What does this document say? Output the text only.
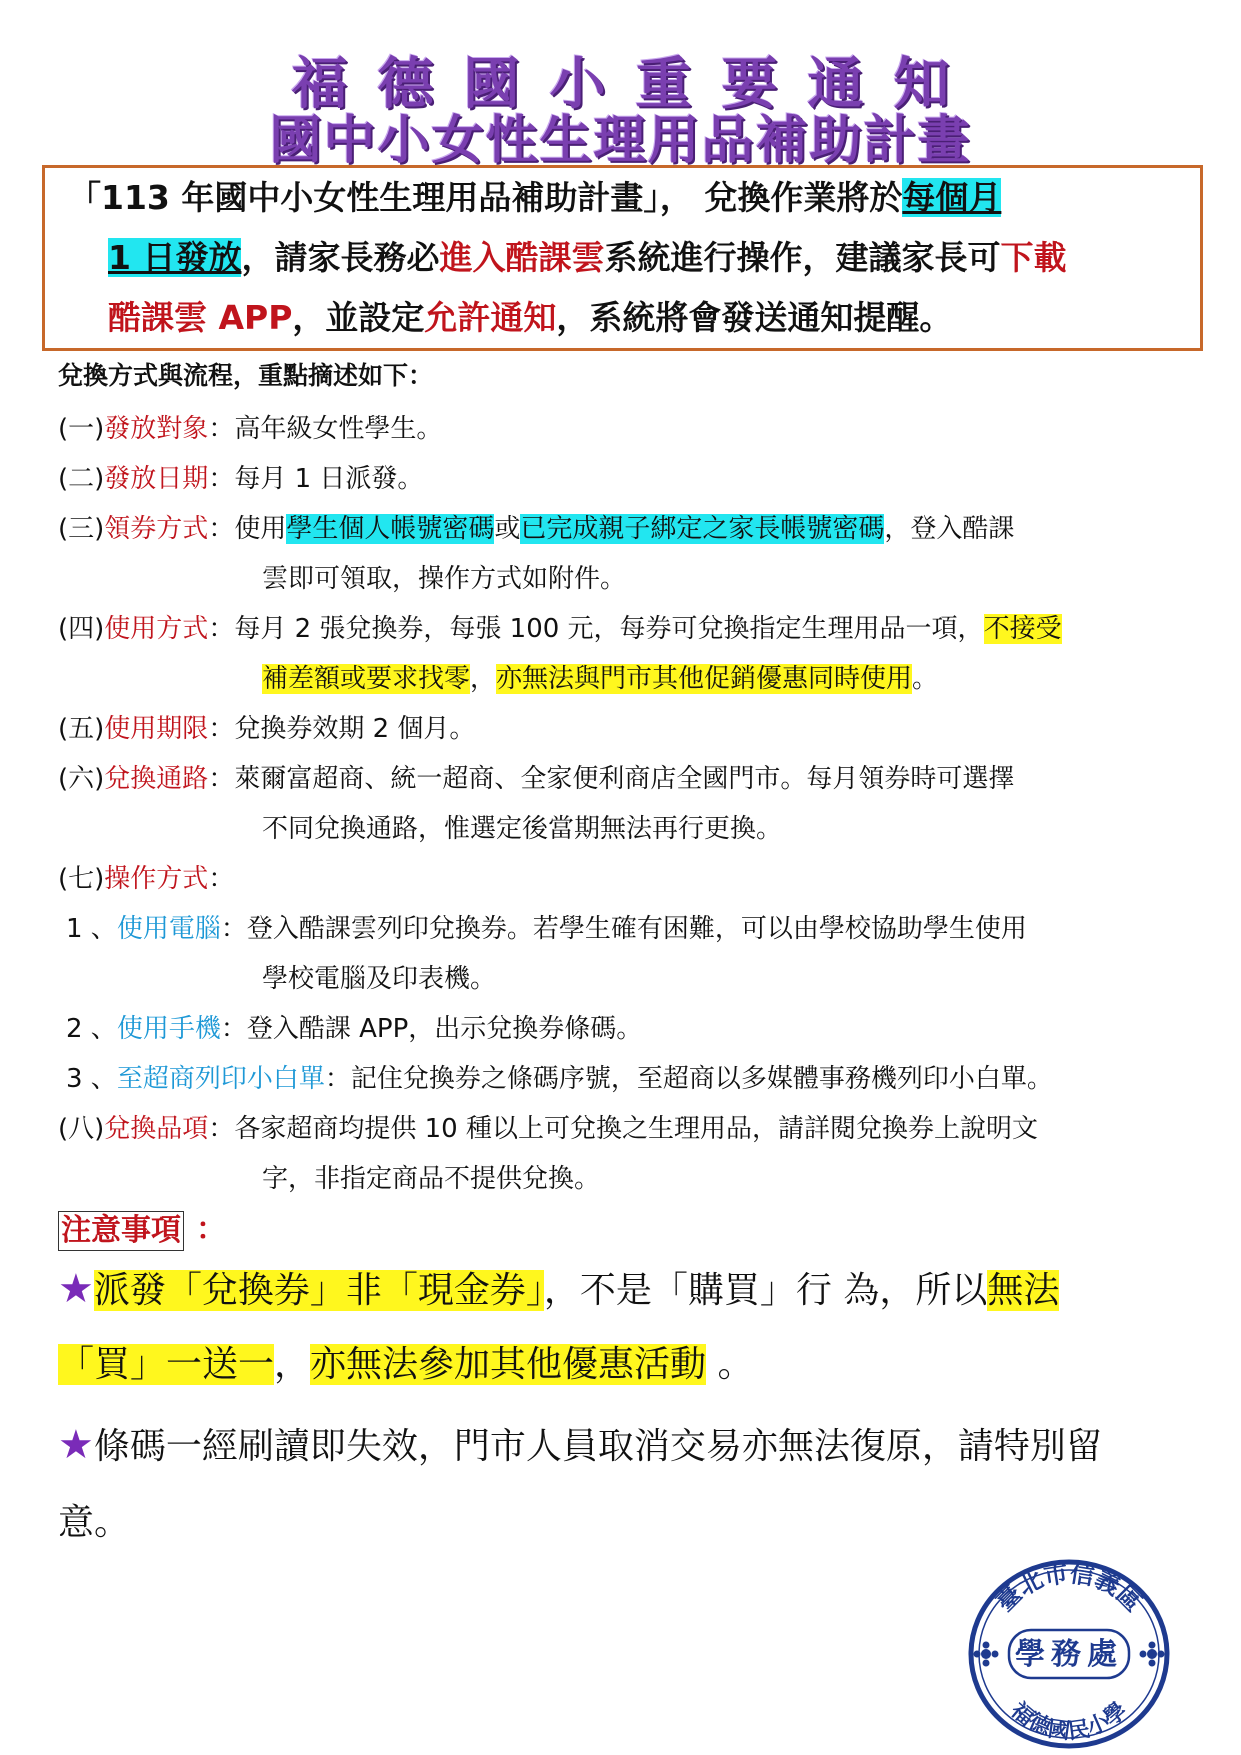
福德國小重要通知
國中小女性生理用品補助計畫
「113 年國中小女性生理用品補助計畫」， 兌換作業將於每個月
1 日發放，請家長務必進入酷課雲系統進行操作，建議家長可下載
酷課雲 APP，並設定允許通知，系統將會發送通知提醒。
兌換方式與流程，重點摘述如下：
(一)發放對象：高年級女性學生。
(二)發放日期：每月 1 日派發。
(三)領券方式：使用學生個人帳號密碼或已完成親子綁定之家長帳號密碼，登入酷課
雲即可領取，操作方式如附件。
(四)使用方式：每月 2 張兌換券，每張 100 元，每券可兌換指定生理用品一項，不接受
補差額或要求找零，亦無法與門市其他促銷優惠同時使用。
(五)使用期限：兌換券效期 2 個月。
(六)兌換通路：萊爾富超商、統一超商、全家便利商店全國門市。每月領券時可選擇
不同兌換通路，惟選定後當期無法再行更換。
(七)操作方式：
1 、使用電腦：登入酷課雲列印兌換券。若學生確有困難，可以由學校協助學生使用
學校電腦及印表機。
2 、使用手機：登入酷課 APP，出示兌換券條碼。
3 、至超商列印小白單：記住兌換券之條碼序號，至超商以多媒體事務機列印小白單。
(八)兌換品項：各家超商均提供 10 種以上可兌換之生理用品，請詳閱兌換券上說明文
字，非指定商品不提供兌換。
注意事項 ：
★派發「兌換券」非「現金券」，不是「購買」行 為，所以無法
「買」一送一，亦無法參加其他優惠活動 。
★條碼一經刷讀即失效，門市人員取消交易亦無法復原，請特別留
意。
臺北市信義區
學務處
福德國民小學
